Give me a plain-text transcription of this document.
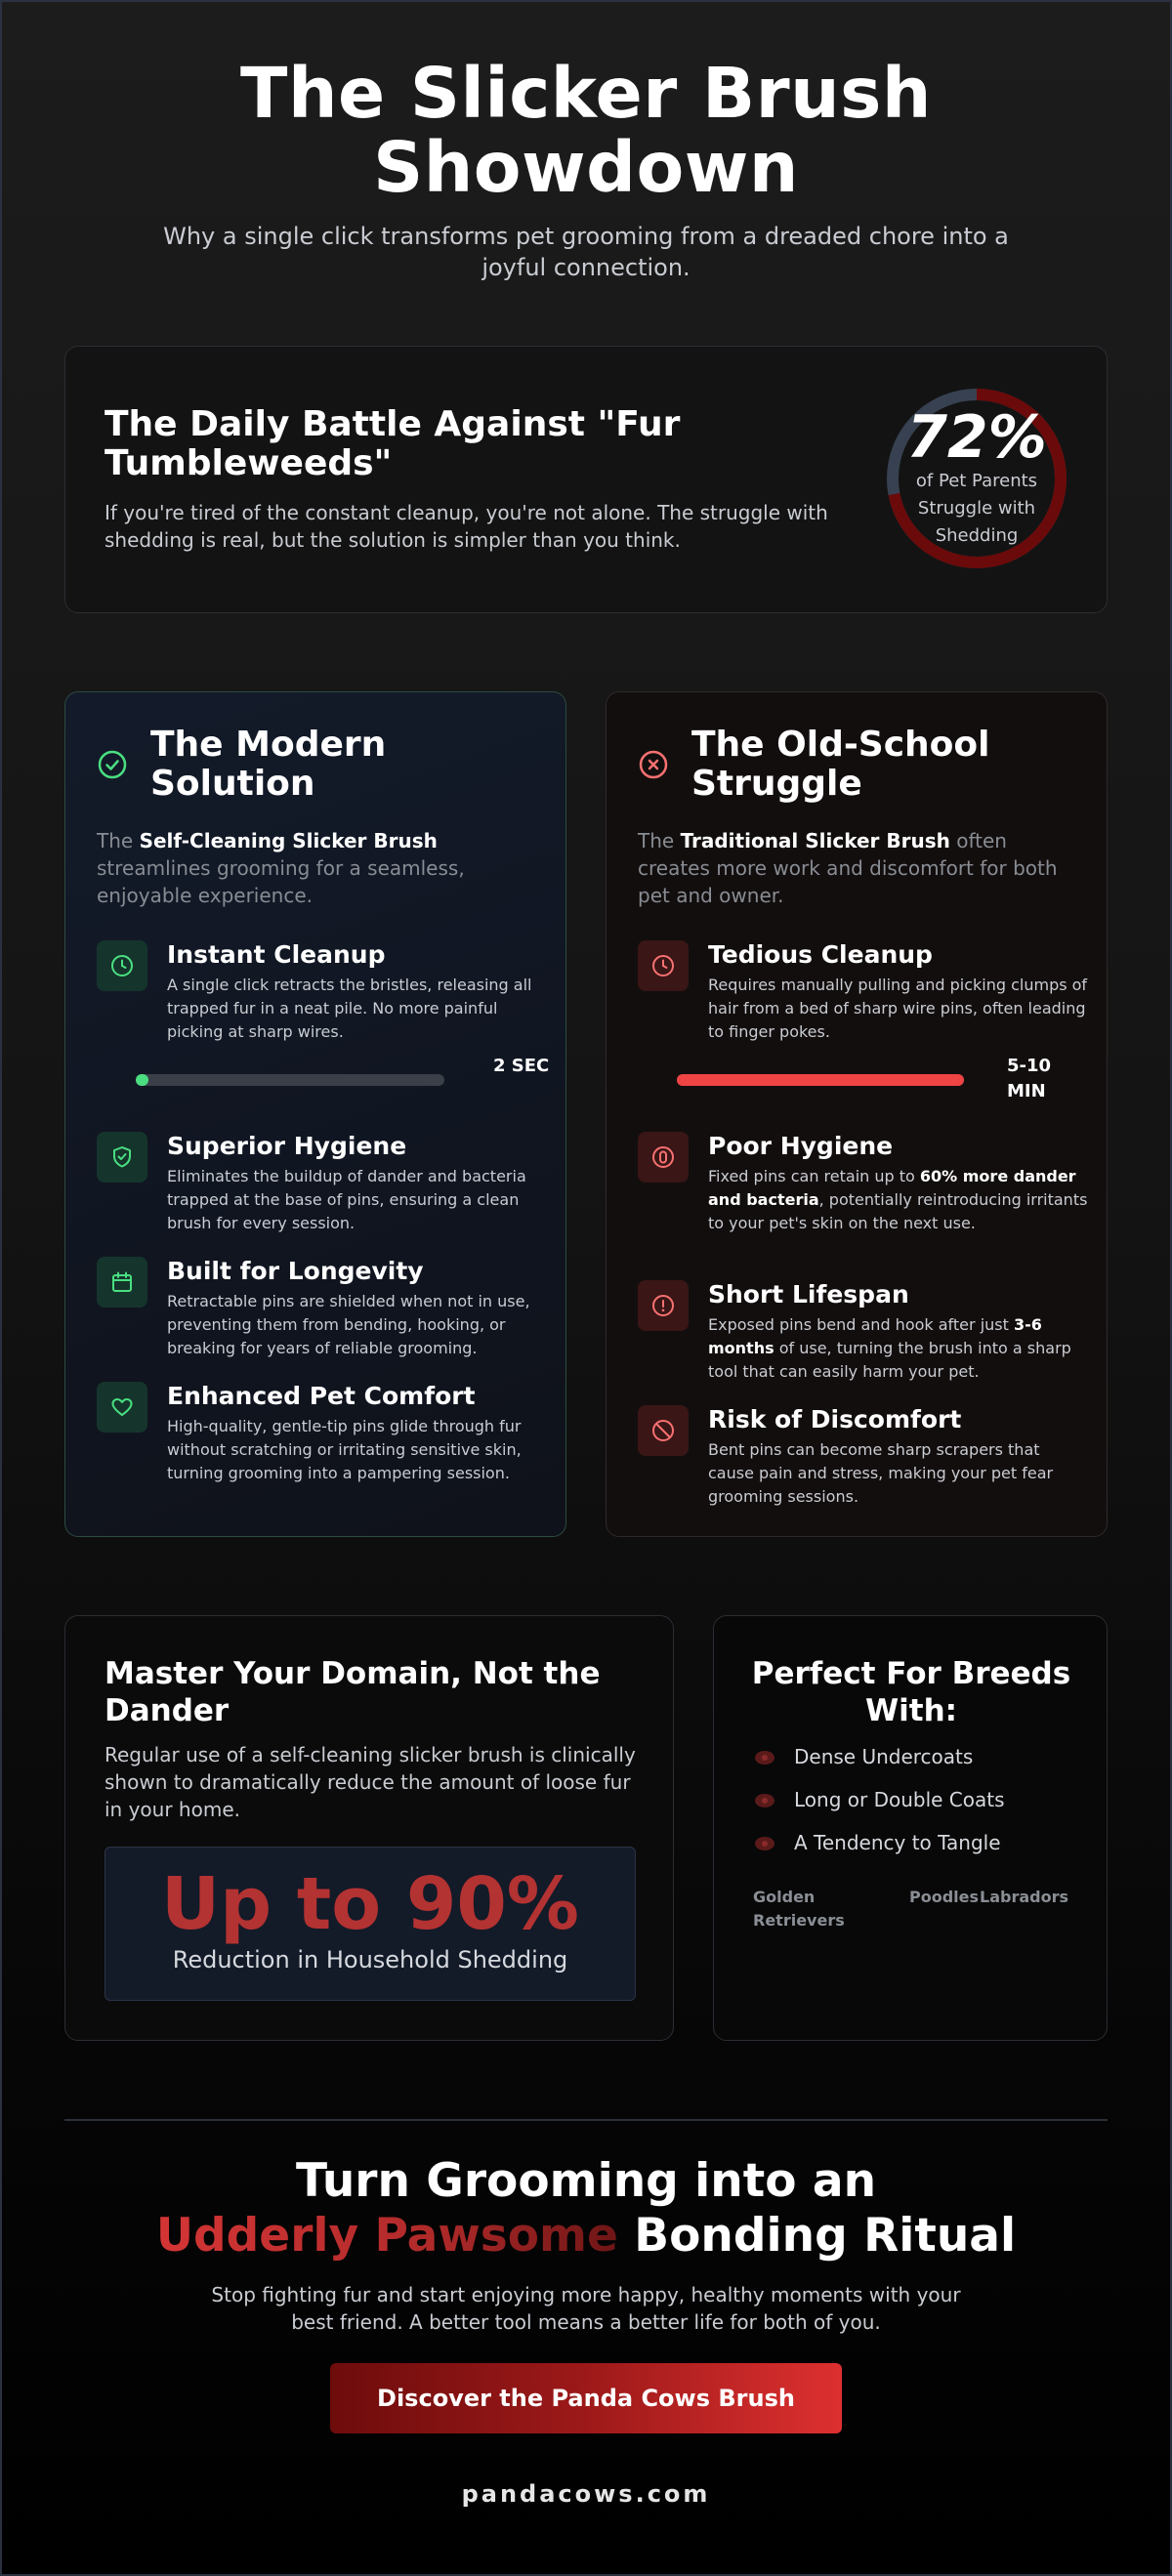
The Slicker Brush
Showdown

Why a single click transforms pet grooming from a dreaded chore into a joyful connection.

The Daily Battle Against "Fur Tumbleweeds"

If you're tired of the constant cleanup, you're not alone. The struggle with shedding is real, but the solution is simpler than you think.

72%
of Pet Parents Struggle with Shedding
The Modern Solution

The Self-Cleaning Slicker Brush streamlines grooming for a seamless, enjoyable experience.

Instant Cleanup

A single click retracts the bristles, releasing all trapped fur in a neat pile. No more painful picking at sharp wires.

2 SEC
Superior Hygiene

Eliminates the buildup of dander and bacteria trapped at the base of pins, ensuring a clean brush for every session.

Built for Longevity

Retractable pins are shielded when not in use, preventing them from bending, hooking, or breaking for years of reliable grooming.

Enhanced Pet Comfort

High-quality, gentle-tip pins glide through fur without scratching or irritating sensitive skin, turning grooming into a pampering session.

The Old-School Struggle

The Traditional Slicker Brush often creates more work and discomfort for both pet and owner.

Tedious Cleanup

Requires manually pulling and picking clumps of hair from a bed of sharp wire pins, often leading to finger pokes.

5-10 MIN
Poor Hygiene

Fixed pins can retain up to 60% more dander and bacteria, potentially reintroducing irritants to your pet's skin on the next use.

Short Lifespan

Exposed pins bend and hook after just 3-6 months of use, turning the brush into a sharp tool that can easily harm your pet.

Risk of Discomfort

Bent pins can become sharp scrapers that cause pain and stress, making your pet fear grooming sessions.

Master Your Domain, Not the Dander

Regular use of a self-cleaning slicker brush is clinically shown to dramatically reduce the amount of loose fur in your home.

Up to 90%
Reduction in Household Shedding
Perfect For Breeds With:
Dense Undercoats
Long or Double Coats
A Tendency to Tangle
Golden Retrievers
Poodles Labradors
Turn Grooming into an
Udderly Pawsome Bonding Ritual

Stop fighting fur and start enjoying more happy, healthy moments with your best friend. A better tool means a better life for both of you.

Discover the Panda Cows Brush
pandacows.com
